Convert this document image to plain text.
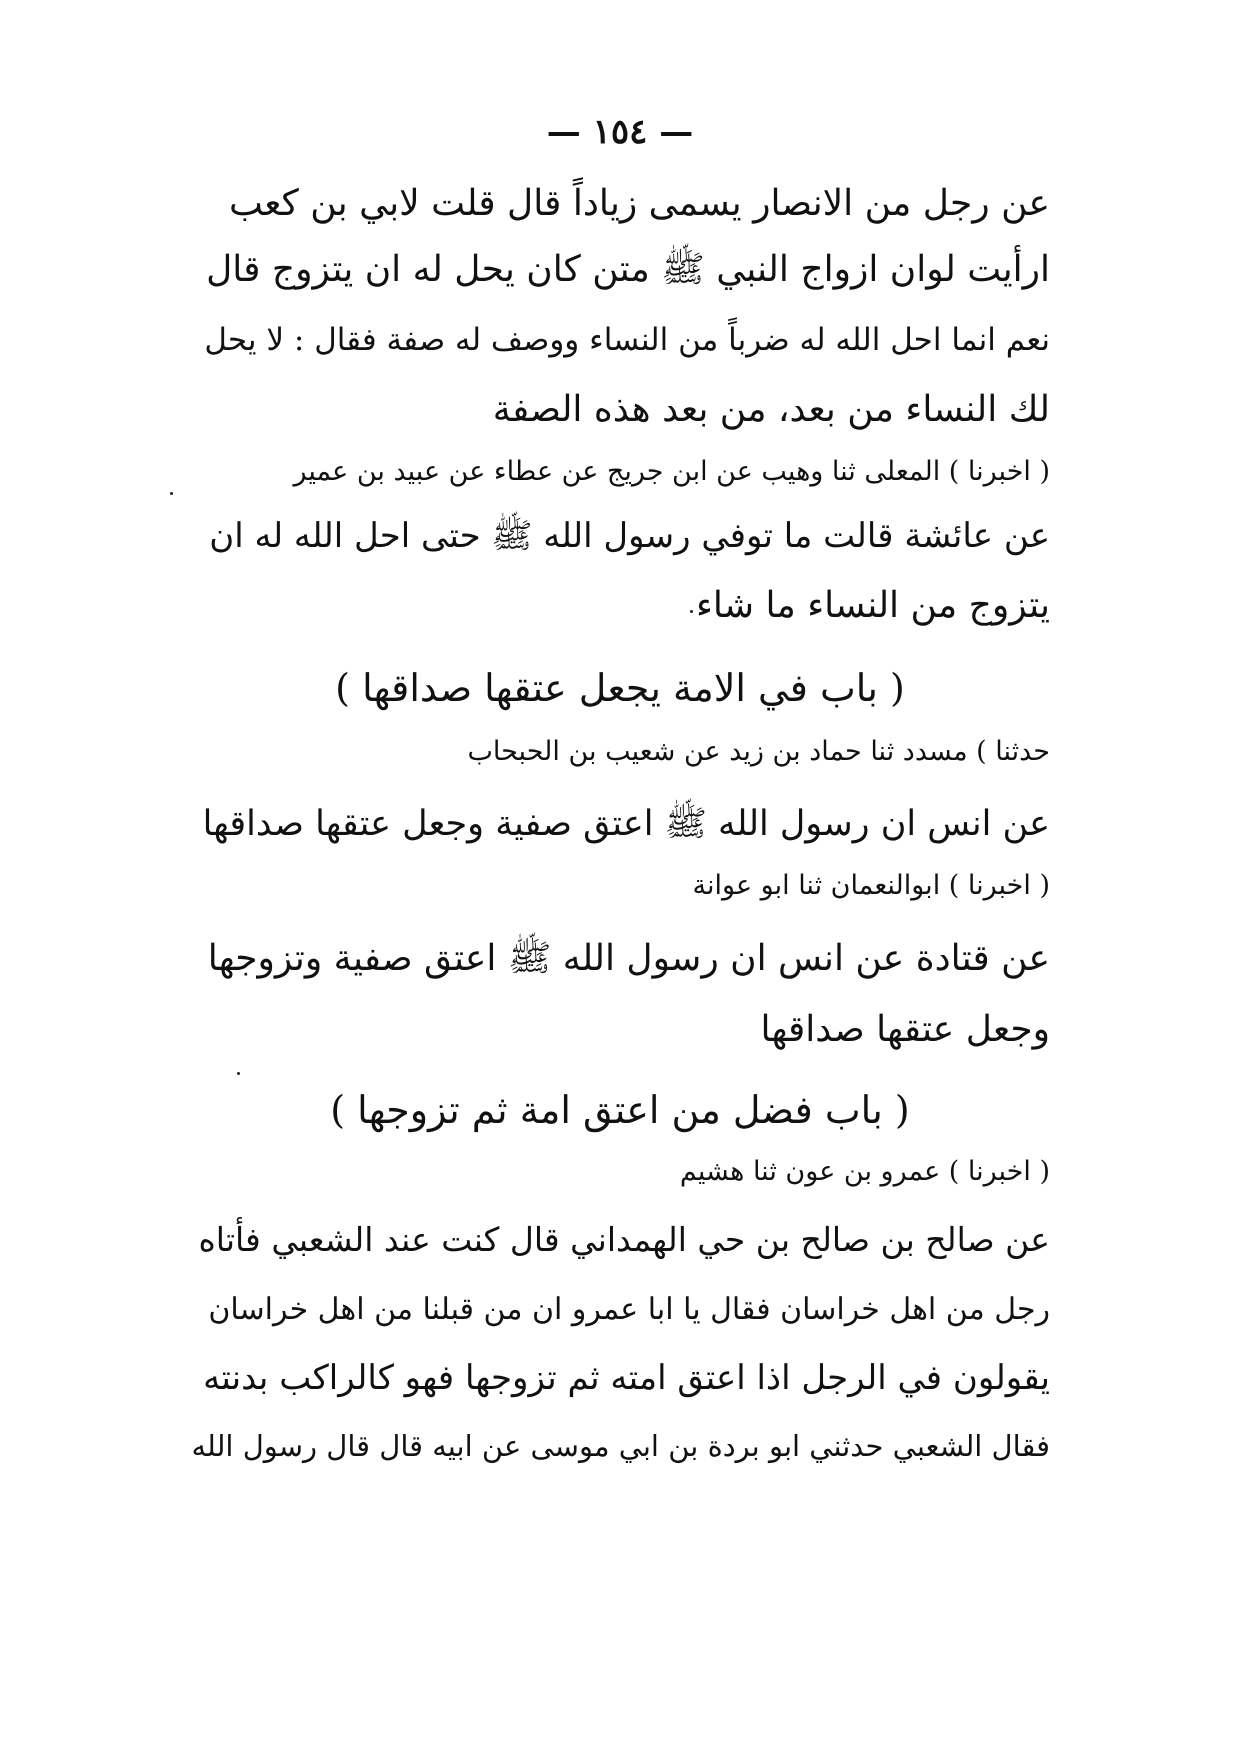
— ١٥٤ —
عن رجل من الانصار يسمى زياداً قال قلت لابي بن كعب
ارأيت لوان ازواج النبي ﷺ متن كان يحل له ان يتزوج قال
نعم انما احل الله له ضرباً من النساء ووصف له صفة فقال : لا يحل
لك النساء من بعد، من بعد هذه الصفة
( اخبرنا ) المعلى ثنا وهيب عن ابن جريج عن عطاء عن عبيد بن عمير
عن عائشة قالت ما توفي رسول الله ﷺ حتى احل الله له ان
يتزوج من النساء ما شاء
( باب في الامة يجعل عتقها صداقها )
حدثنا ) مسدد ثنا حماد بن زيد عن شعيب بن الحبحاب
عن انس ان رسول الله ﷺ اعتق صفية وجعل عتقها صداقها
( اخبرنا ) ابوالنعمان ثنا ابو عوانة
عن قتادة عن انس ان رسول الله ﷺ اعتق صفية وتزوجها
وجعل عتقها صداقها
( باب فضل من اعتق امة ثم تزوجها )
( اخبرنا ) عمرو بن عون ثنا هشيم
عن صالح بن صالح بن حي الهمداني قال كنت عند الشعبي فأتاه
رجل من اهل خراسان فقال يا ابا عمرو ان من قبلنا من اهل خراسان
يقولون في الرجل اذا اعتق امته ثم تزوجها فهو كالراكب بدنته
فقال الشعبي حدثني ابو بردة بن ابي موسى عن ابيه قال قال رسول الله
